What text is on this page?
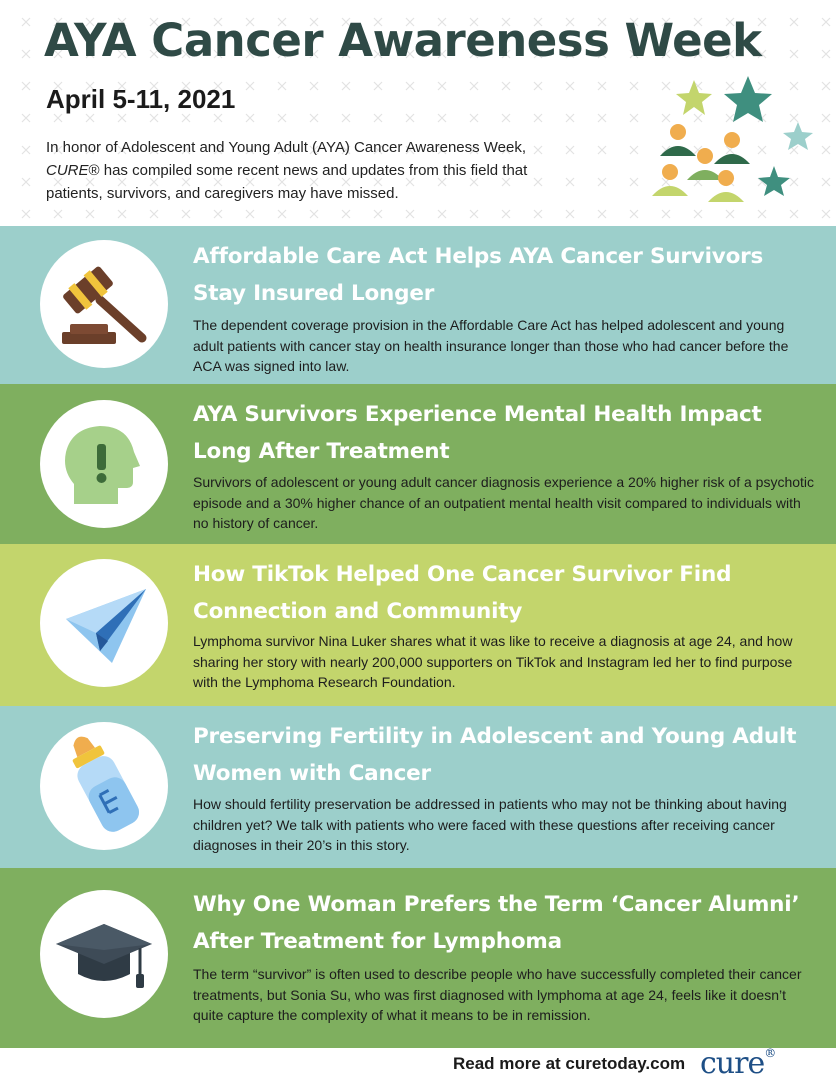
AYA Cancer Awareness Week
April 5-11, 2021

In honor of Adolescent and Young Adult (AYA) Cancer Awareness Week, CURE® has compiled some recent news and updates from this field that patients, survivors, and caregivers may have missed.

Affordable Care Act Helps AYA Cancer Survivors Stay Insured Longer

The dependent coverage provision in the Affordable Care Act has helped adolescent and young adult patients with cancer stay on health insurance longer than those who had cancer before the ACA was signed into law.

AYA Survivors Experience Mental Health Impact Long After Treatment

Survivors of adolescent or young adult cancer diagnosis experience a 20% higher risk of a psychotic episode and a 30% higher chance of an outpatient mental health visit compared to individuals with no history of cancer.

How TikTok Helped One Cancer Survivor Find Connection and Community

Lymphoma survivor Nina Luker shares what it was like to receive a diagnosis at age 24, and how sharing her story with nearly 200,000 supporters on TikTok and Instagram led her to find purpose with the Lymphoma Research Foundation.

Preserving Fertility in Adolescent and Young Adult Women with Cancer

How should fertility preservation be addressed in patients who may not be thinking about having children yet? We talk with patients who were faced with these questions after receiving cancer diagnoses in their 20’s in this story.

Why One Woman Prefers the Term ‘Cancer Alumni’ After Treatment for Lymphoma

The term “survivor” is often used to describe people who have successfully completed their cancer treatments, but Sonia Su, who was first diagnosed with lymphoma at age 24, feels like it doesn’t quite capture the complexity of what it means to be in remission.

Read more at curetoday.com cure®
